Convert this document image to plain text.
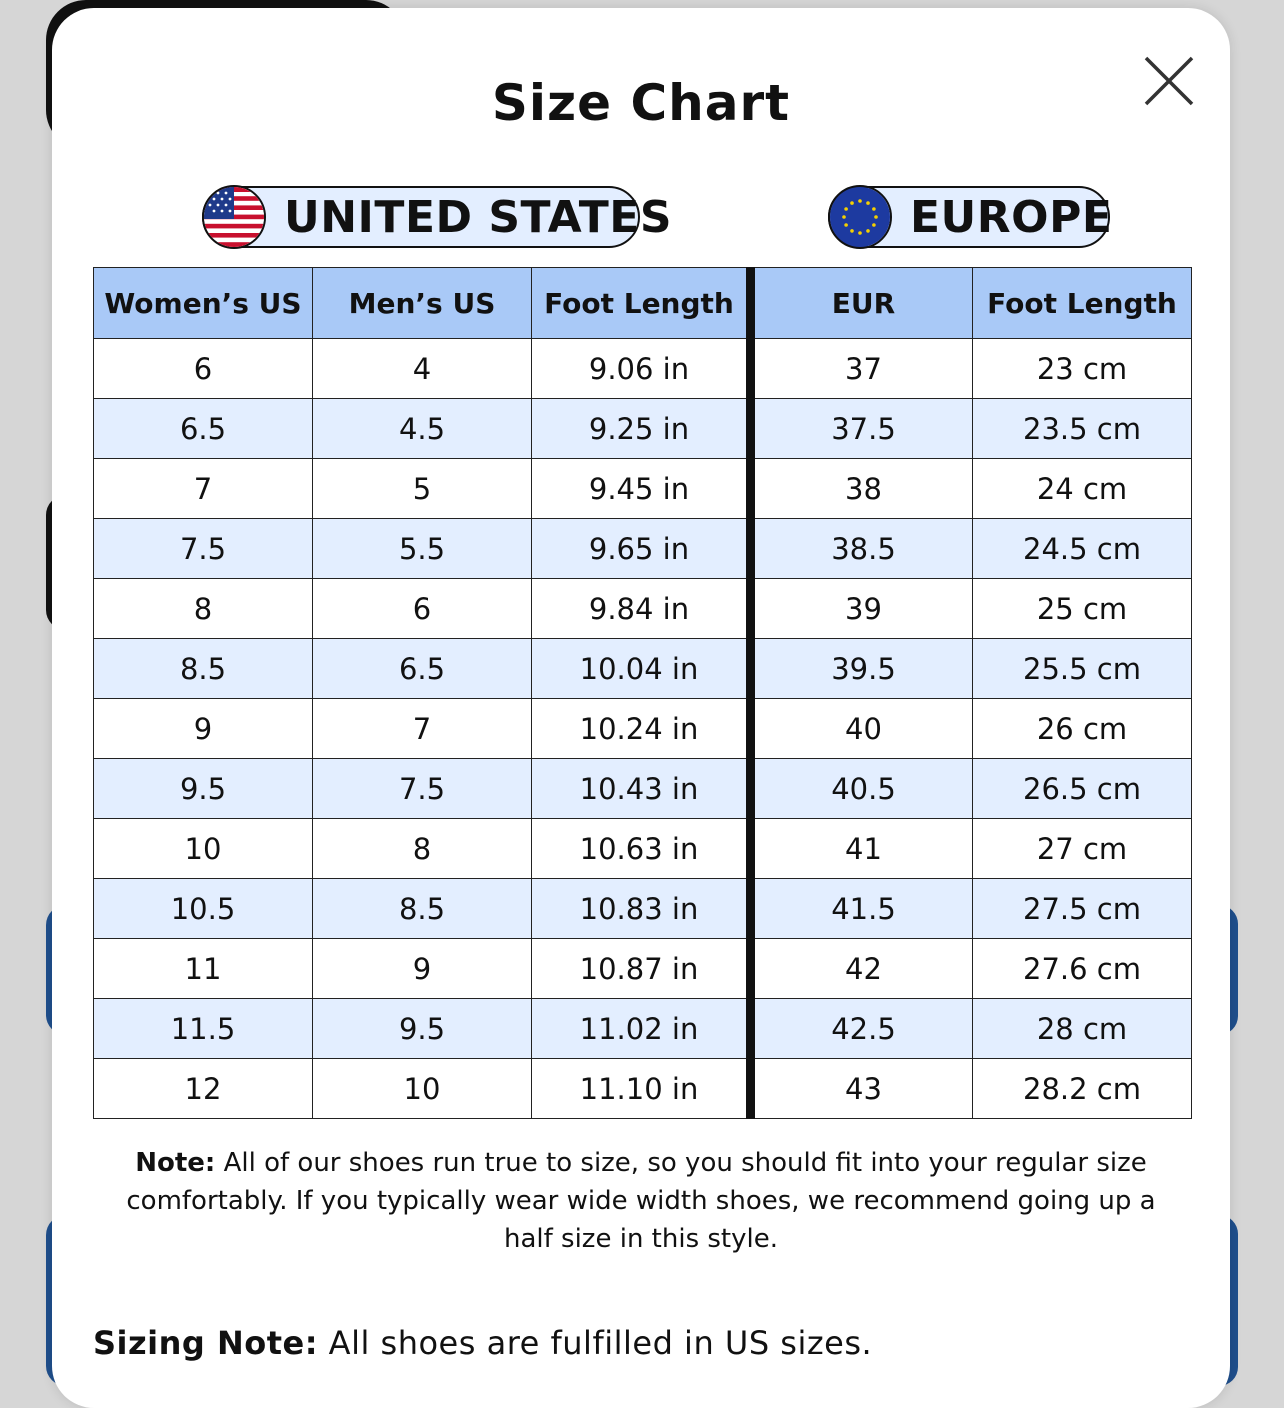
Size Chart
UNITED STATES	EUROPE
Women’s US	Men’s US	Foot Length	EUR	Foot Length
6	4	9.06 in	37	23 cm
6.5	4.5	9.25 in	37.5	23.5 cm
7	5	9.45 in	38	24 cm
7.5	5.5	9.65 in	38.5	24.5 cm
8	6	9.84 in	39	25 cm
8.5	6.5	10.04 in	39.5	25.5 cm
9	7	10.24 in	40	26 cm
9.5	7.5	10.43 in	40.5	26.5 cm
10	8	10.63 in	41	27 cm
10.5	8.5	10.83 in	41.5	27.5 cm
11	9	10.87 in	42	27.6 cm
11.5	9.5	11.02 in	42.5	28 cm
12	10	11.10 in	43	28.2 cm
Note: All of our shoes run true to size, so you should fit into your regular size comfortably. If you typically wear wide width shoes, we recommend going up a half size in this style.
Sizing Note: All shoes are fulfilled in US sizes.
